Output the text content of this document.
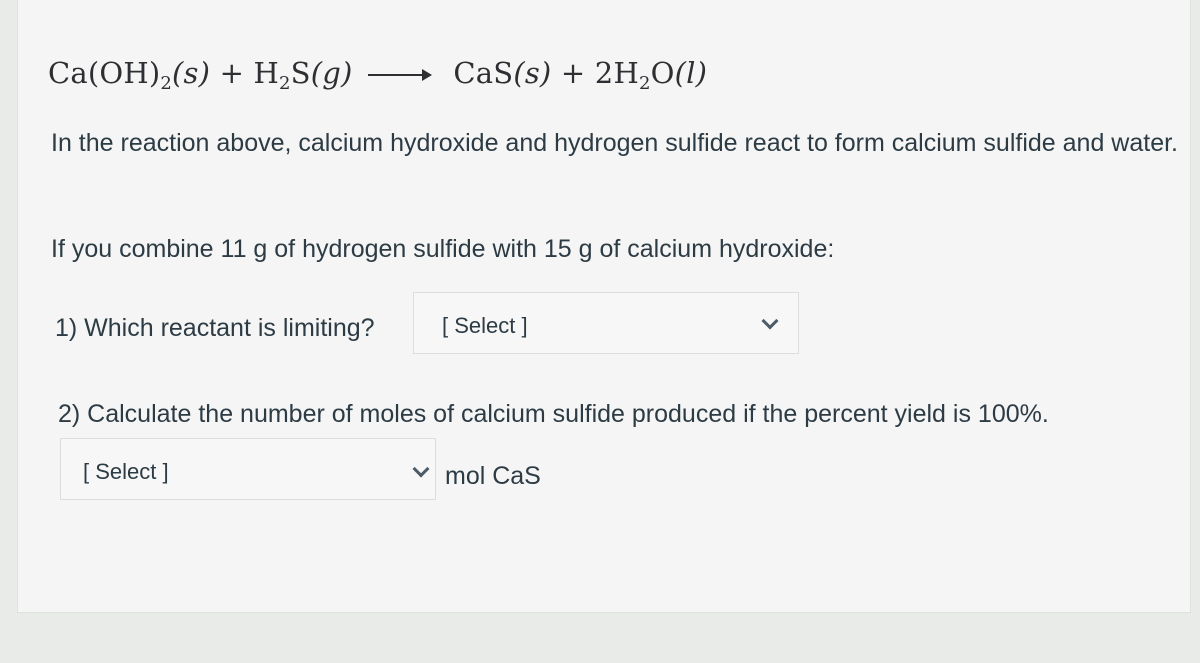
$Ca(OH)_2(s) + H_2S(g) \to CaS(s) + 2H_2O(l)$
In the reaction above, calcium hydroxide and hydrogen sulfide react to form calcium sulfide and water.
If you combine 11 g of hydrogen sulfide with 15 g of calcium hydroxide:
1) Which reactant is limiting?	[ Select ]
2) Calculate the number of moles of calcium sulfide produced if the percent yield is 100%.
[ Select ]	mol CaS
